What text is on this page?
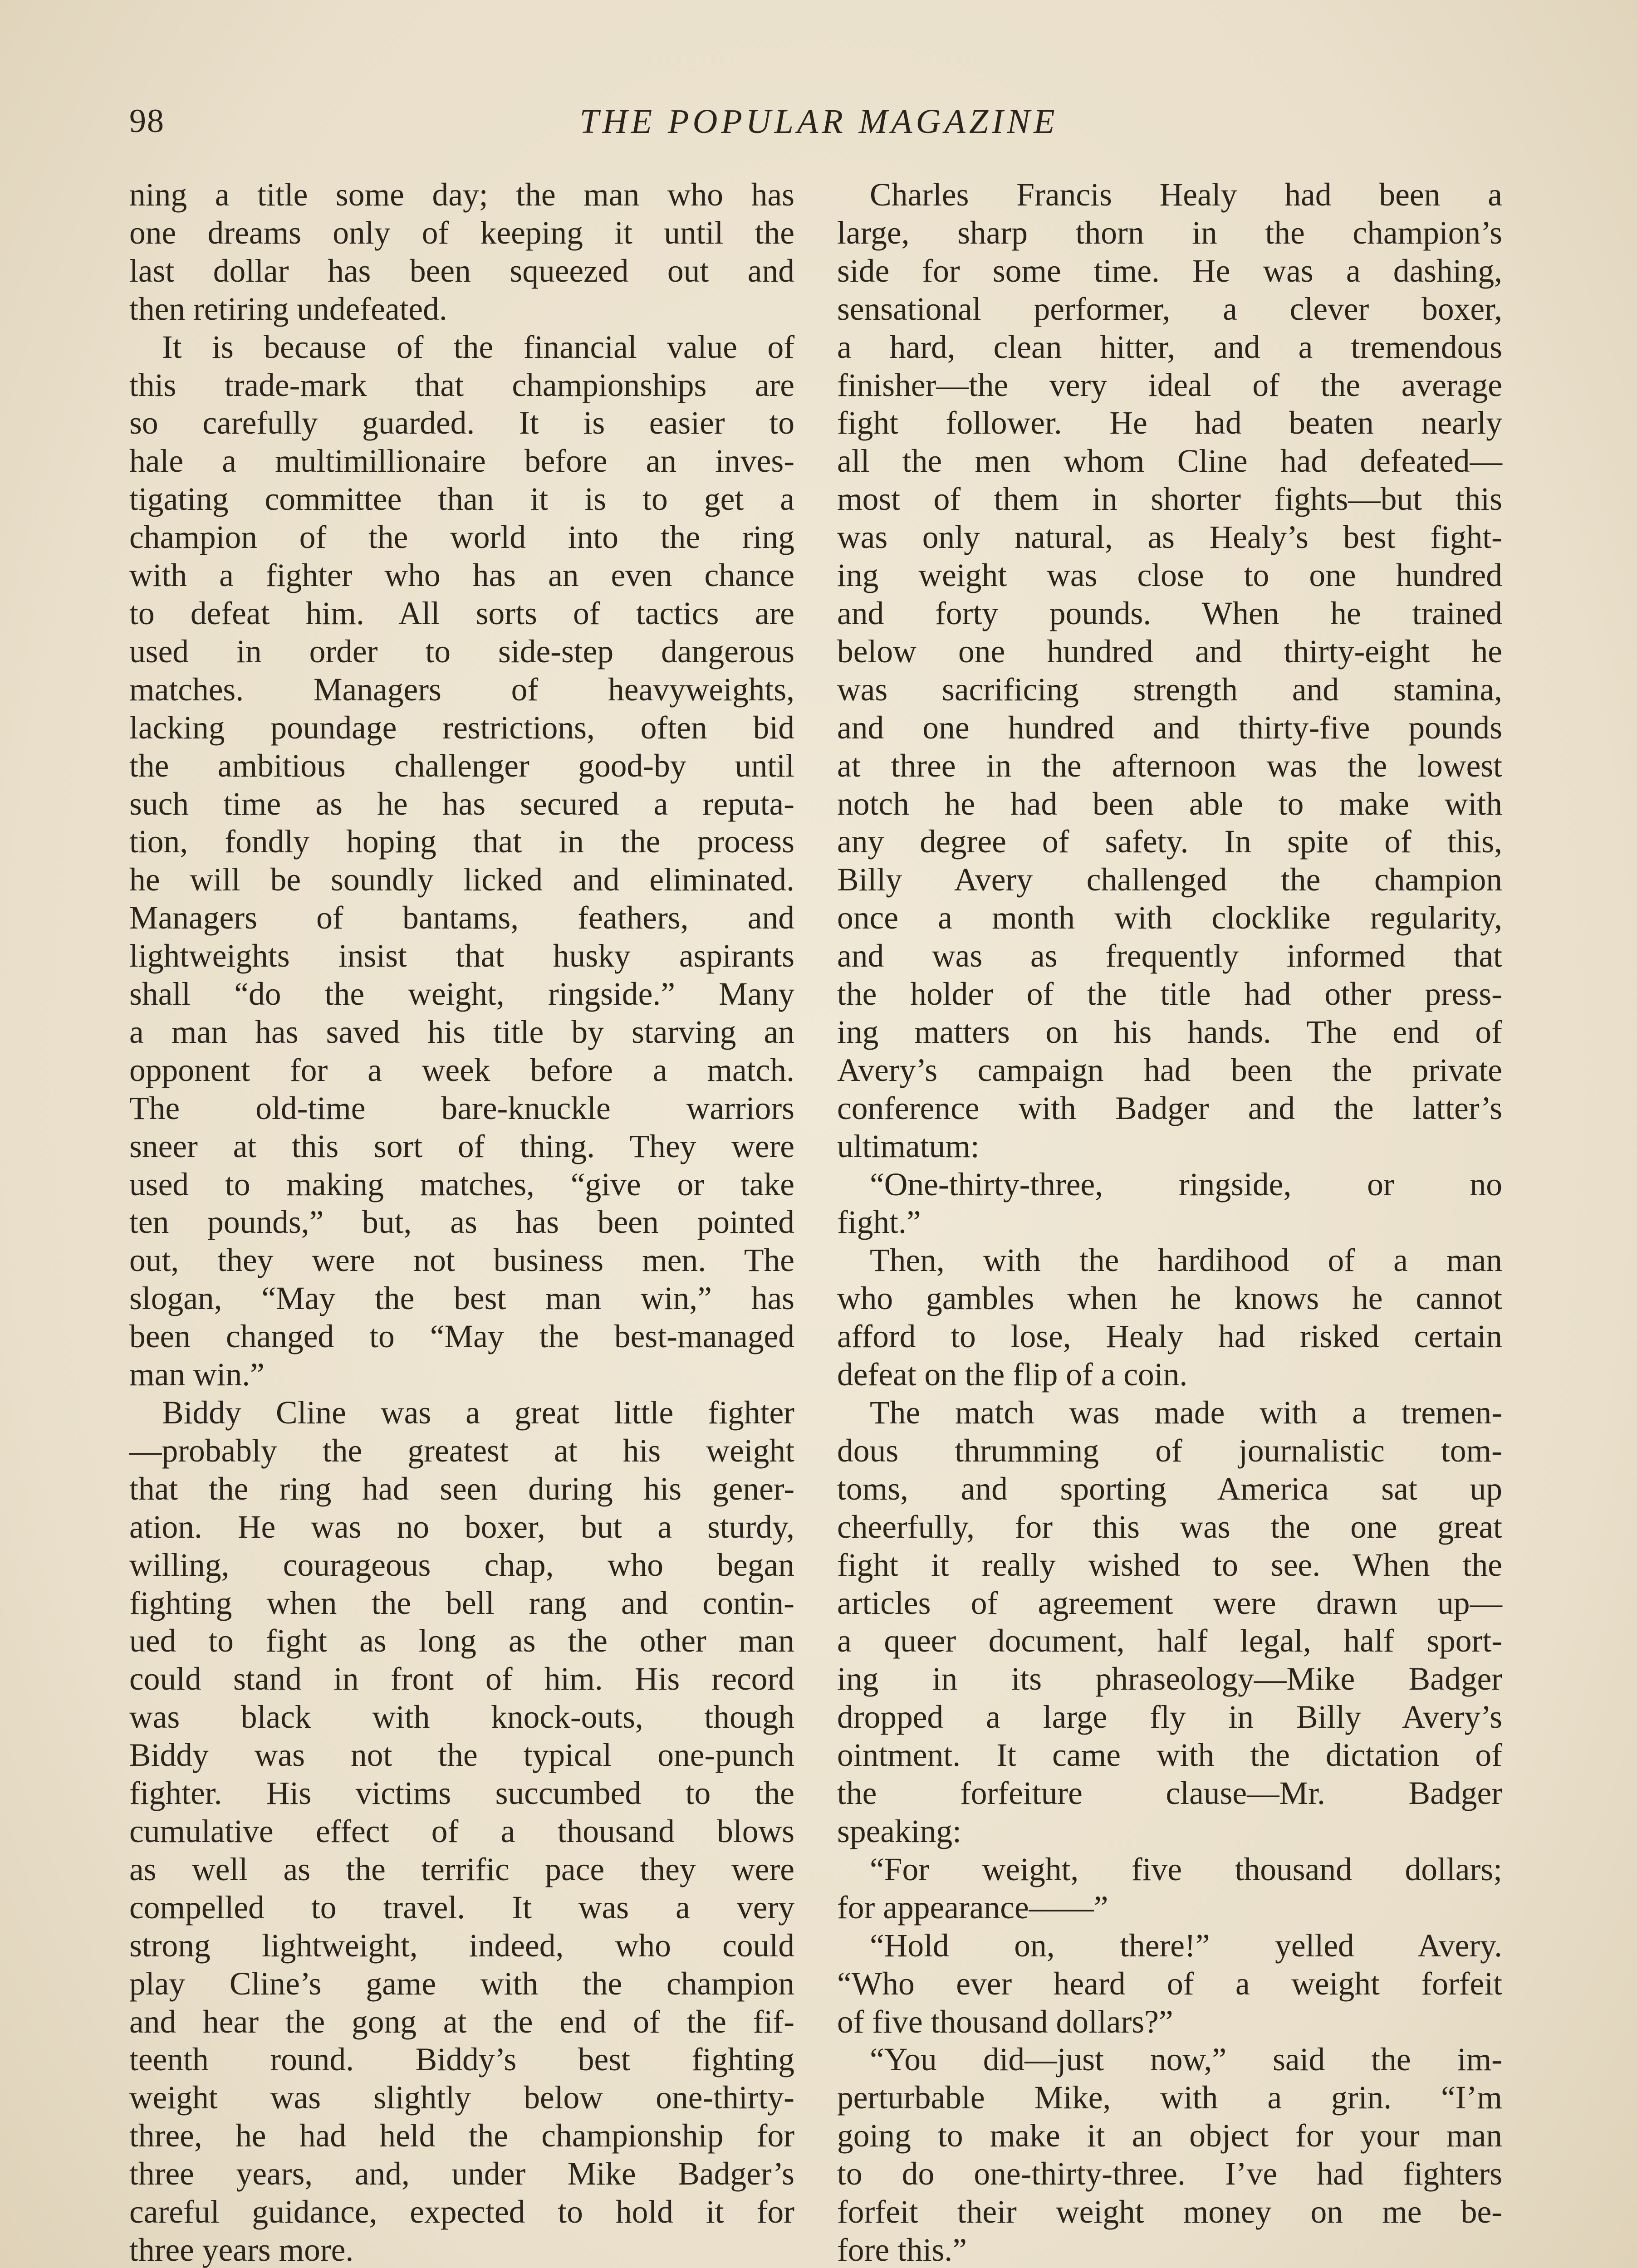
98	THE POPULAR MAGAZINE
ning a title some day; the man who has
one dreams only of keeping it until the
last dollar has been squeezed out and
then retiring undefeated.
It is because of the financial value of
this trade-mark that championships are
so carefully guarded. It is easier to
hale a multimillionaire before an inves-
tigating committee than it is to get a
champion of the world into the ring
with a fighter who has an even chance
to defeat him. All sorts of tactics are
used in order to side-step dangerous
matches. Managers of heavyweights,
lacking poundage restrictions, often bid
the ambitious challenger good-by until
such time as he has secured a reputa-
tion, fondly hoping that in the process
he will be soundly licked and eliminated.
Managers of bantams, feathers, and
lightweights insist that husky aspirants
shall “do the weight, ringside.” Many
a man has saved his title by starving an
opponent for a week before a match.
The old-time bare-knuckle warriors
sneer at this sort of thing. They were
used to making matches, “give or take
ten pounds,” but, as has been pointed
out, they were not business men. The
slogan, “May the best man win,” has
been changed to “May the best-managed
man win.”
Biddy Cline was a great little fighter
—probably the greatest at his weight
that the ring had seen during his gener-
ation. He was no boxer, but a sturdy,
willing, courageous chap, who began
fighting when the bell rang and contin-
ued to fight as long as the other man
could stand in front of him. His record
was black with knock-outs, though
Biddy was not the typical one-punch
fighter. His victims succumbed to the
cumulative effect of a thousand blows
as well as the terrific pace they were
compelled to travel. It was a very
strong lightweight, indeed, who could
play Cline’s game with the champion
and hear the gong at the end of the fif-
teenth round. Biddy’s best fighting
weight was slightly below one-thirty-
three, he had held the championship for
three years, and, under Mike Badger’s
careful guidance, expected to hold it for
three years more.
Charles Francis Healy had been a
large, sharp thorn in the champion’s
side for some time. He was a dashing,
sensational performer, a clever boxer,
a hard, clean hitter, and a tremendous
finisher—the very ideal of the average
fight follower. He had beaten nearly
all the men whom Cline had defeated—
most of them in shorter fights—but this
was only natural, as Healy’s best fight-
ing weight was close to one hundred
and forty pounds. When he trained
below one hundred and thirty-eight he
was sacrificing strength and stamina,
and one hundred and thirty-five pounds
at three in the afternoon was the lowest
notch he had been able to make with
any degree of safety. In spite of this,
Billy Avery challenged the champion
once a month with clocklike regularity,
and was as frequently informed that
the holder of the title had other press-
ing matters on his hands. The end of
Avery’s campaign had been the private
conference with Badger and the latter’s
ultimatum:
“One-thirty-three, ringside, or no
fight.”
Then, with the hardihood of a man
who gambles when he knows he cannot
afford to lose, Healy had risked certain
defeat on the flip of a coin.
The match was made with a tremen-
dous thrumming of journalistic tom-
toms, and sporting America sat up
cheerfully, for this was the one great
fight it really wished to see. When the
articles of agreement were drawn up—
a queer document, half legal, half sport-
ing in its phraseology—Mike Badger
dropped a large fly in Billy Avery’s
ointment. It came with the dictation of
the forfeiture clause—Mr. Badger
speaking:
“For weight, five thousand dollars;
for appearance——”
“Hold on, there!” yelled Avery.
“Who ever heard of a weight forfeit
of five thousand dollars?”
“You did—just now,” said the im-
perturbable Mike, with a grin. “I’m
going to make it an object for your man
to do one-thirty-three. I’ve had fighters
forfeit their weight money on me be-
fore this.”
